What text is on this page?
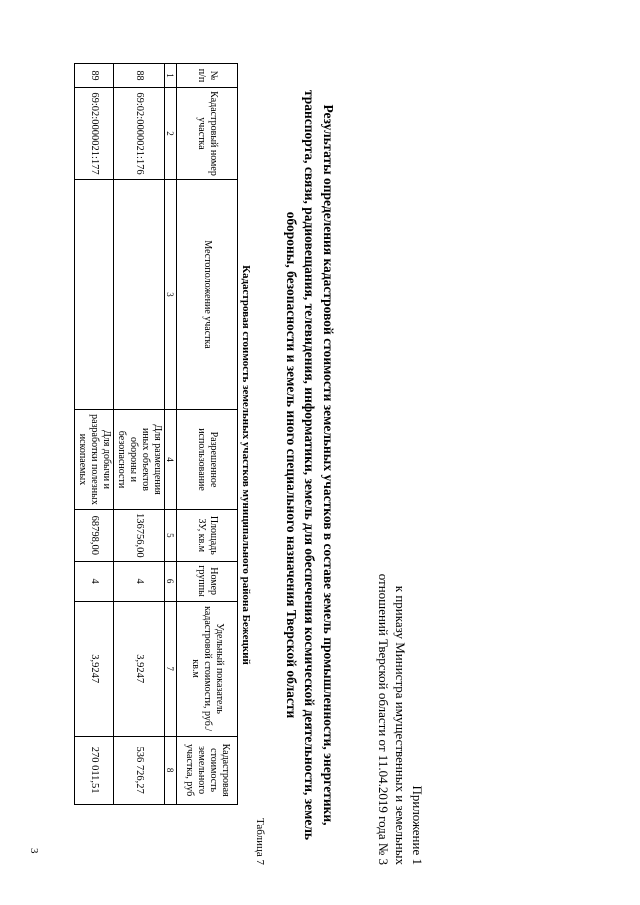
3	Приложение 1
к приказу Министра имущественных и земельных
отношений Тверской области от 11.04.2019 года № 3
Результаты определения кадастровой стоимости земельных участков в составе земель промышленности, энергетики,
транспорта, связи, радиовещания, телевидения, информатики, земель для обеспечения космической деятельности, земель
обороны, безопасности и земель иного специального назначения Тверской области
Таблица 7
Кадастровая стоимость земельных участков муниципального района Бежецкий
№ п/п	Кадастровый номер участка	Местоположение участка	Разрешенное использование	Площадь ЗУ, кв.м	Номер группы	Удельный показатель кадастровой стоимости, руб./кв.м	Кадастровая стоимость земельного участка, руб
1	2	3	4	5	6	7	8
88	69:02:0000021:176		Для размещения иных объектов обороны и безопасности	136756,00	4	3,9247	536 726,27
89	69:02:0000021:177		Для добычи и разработки полезных ископаемых	68798,00	4	3,9247	270 011,51
